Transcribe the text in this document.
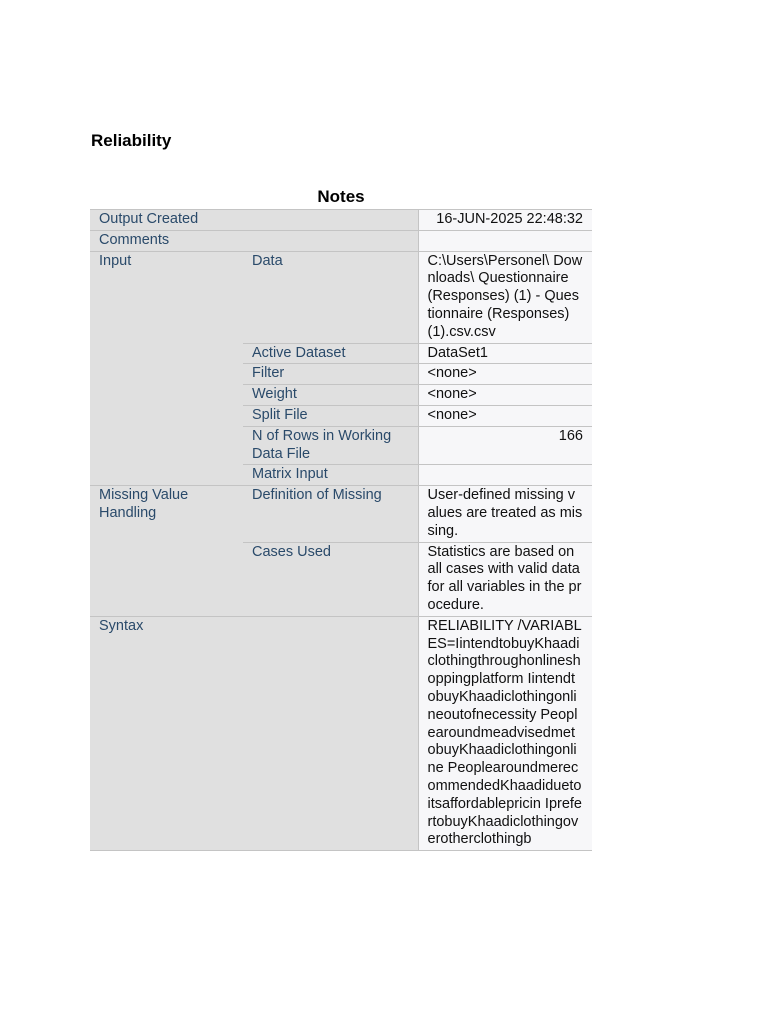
Reliability
Notes
Output Created		16-JUN-2025 22:48:32
Comments		
Input	Data	C:\Users\Personel\ Downloads\ Questionnaire (Responses) (1) - Questionnaire (Responses) (1).csv.csv
	Active Dataset	DataSet1
	Filter	<none>
	Weight	<none>
	Split File	<none>
	N of Rows in Working Data File	166
	Matrix Input	
Missing Value Handling	Definition of Missing	User-defined missing values are treated as missing.
	Cases Used	Statistics are based on all cases with valid data for all variables in the procedure.
Syntax		RELIABILITY /VARIABLES=IintendtobuyKhaadiclothingthroughonlineshoppingplatform IintendtobuyKhaadiclothingonlineoutofnecessity PeoplearoundmeadvisedmetobuyKhaadiclothingonline PeoplearoundmerecommendedKhaadiduetoitsaffordablepricin IprefertobuyKhaadiclothingoverotherclothingb
